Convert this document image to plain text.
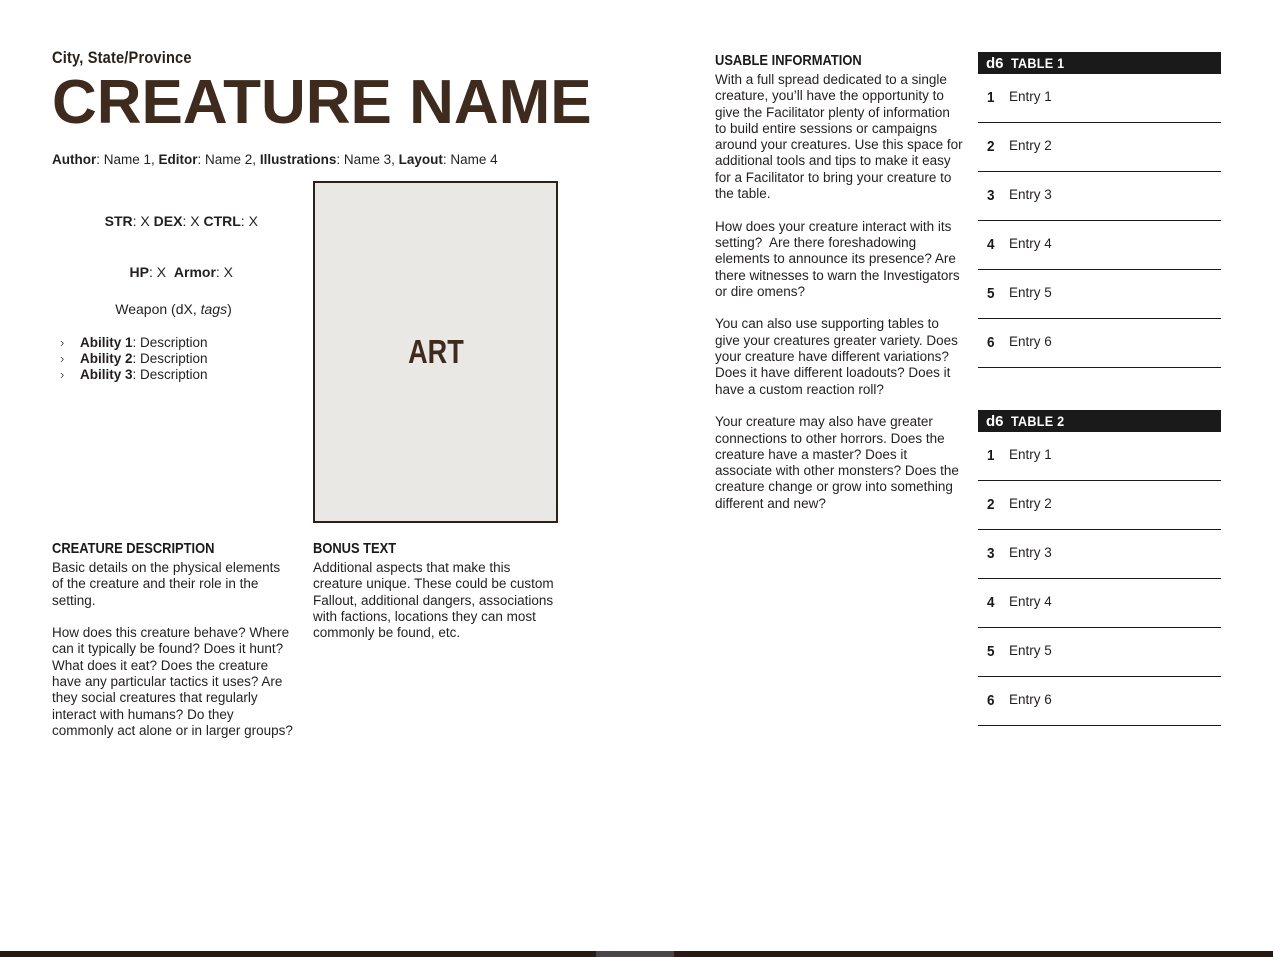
City, State/Province
CREATURE NAME

Author: Name 1, Editor: Name 2, Illustrations: Name 3, Layout: Name 4

STR: X DEX: X CTRL: X

HP: X  Armor: X
Weapon (dX, tags)
›	Ability 1: Description
›	Ability 2: Description
›	Ability 3: Description
ART
CREATURE DESCRIPTION

Basic details on the physical elements of the creature and their role in the setting.

How does this creature behave? Where can it typically be found? Does it hunt? What does it eat? Does the creature have any particular tactics it uses? Are they social creatures that regularly interact with humans? Do they commonly act alone or in larger groups?

BONUS TEXT

Additional aspects that make this creature unique. These could be custom Fallout, additional dangers, associations with factions, locations they can most commonly be found, etc.

USABLE INFORMATION

With a full spread dedicated to a single creature, you’ll have the opportunity to give the Facilitator plenty of information to build entire sessions or campaigns around your creatures. Use this space for additional tools and tips to make it easy for a Facilitator to bring your creature to the table.

How does your creature interact with its setting?  Are there foreshadowing elements to announce its presence? Are there witnesses to warn the Investigators or dire omens?

You can also use supporting tables to give your creatures greater variety. Does your creature have different variations? Does it have different loadouts? Does it have a custom reaction roll?

Your creature may also have greater connections to other horrors. Does the creature have a master? Does it associate with other monsters? Does the creature change or grow into something different and new?

d6 TABLE 1
1	Entry 1
2	Entry 2
3	Entry 3
4	Entry 4
5	Entry 5
6	Entry 6
d6 TABLE 2
1	Entry 1
2	Entry 2
3	Entry 3
4	Entry 4
5	Entry 5
6	Entry 6
